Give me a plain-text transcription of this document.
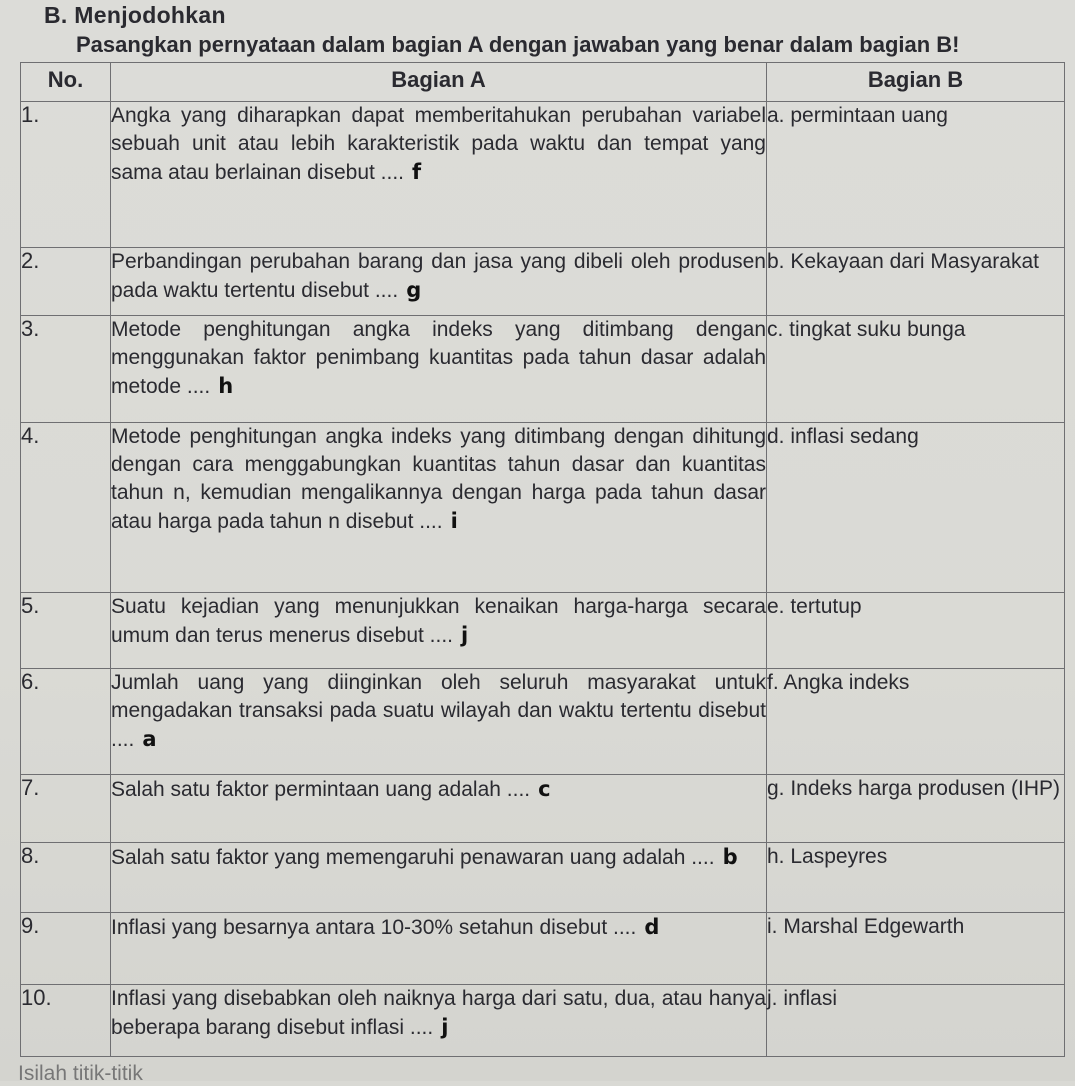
B. Menjodohkan
Pasangkan pernyataan dalam bagian A dengan jawaban yang benar dalam bagian B!
No.	Bagian A	Bagian B
1.	Angka yang diharapkan dapat memberitahukan perubahan variabel sebuah unit atau lebih karakteristik pada waktu dan tempat yang sama atau berlainan disebut .... f	a. permintaan uang
2.	Perbandingan perubahan barang dan jasa yang dibeli oleh produsen pada waktu tertentu disebut .... g	b. Kekayaan dari Masyarakat
3.	Metode penghitungan angka indeks yang ditimbang dengan menggunakan faktor penimbang kuantitas pada tahun dasar adalah metode .... h	c. tingkat suku bunga
4.	Metode penghitungan angka indeks yang ditimbang dengan dihitung dengan cara menggabungkan kuantitas tahun dasar dan kuantitas tahun n, kemudian mengalikannya dengan harga pada tahun dasar atau harga pada tahun n disebut .... i	d. inflasi sedang
5.	Suatu kejadian yang menunjukkan kenaikan harga-harga secara umum dan terus menerus disebut .... j	e. tertutup
6.	Jumlah uang yang diinginkan oleh seluruh masyarakat untuk mengadakan transaksi pada suatu wilayah dan waktu tertentu disebut .... a	f. Angka indeks
7.	Salah satu faktor permintaan uang adalah .... c	g. Indeks harga produsen (IHP)
8.	Salah satu faktor yang memengaruhi penawaran uang adalah .... b	h. Laspeyres
9.	Inflasi yang besarnya antara 10-30% setahun disebut .... d	i. Marshal Edgewarth
10.	Inflasi yang disebabkan oleh naiknya harga dari satu, dua, atau hanya beberapa barang disebut inflasi .... j	j. inflasi
Isilah titik-titik
